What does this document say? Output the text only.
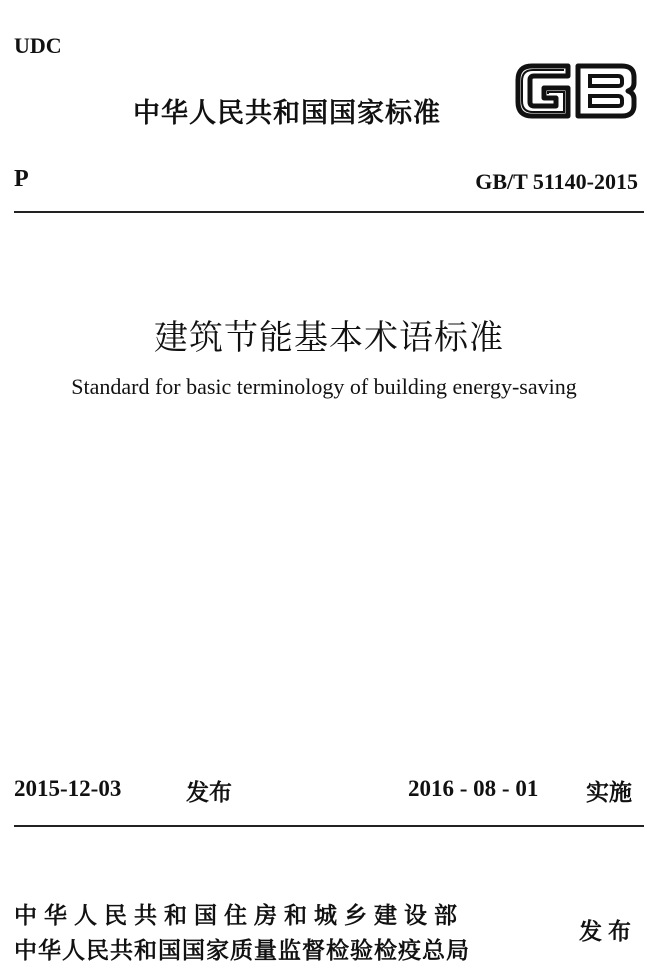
UDC
中华人民共和国国家标准
GB
P	GB/T 51140-2015
建筑节能基本术语标准
Standard for basic terminology of building energy-saving
2015-12-03	发布	2016 - 08 - 01 实施
中华人民共和国住房和城乡建设部
中华人民共和国国家质量监督检验检疫总局
发布
